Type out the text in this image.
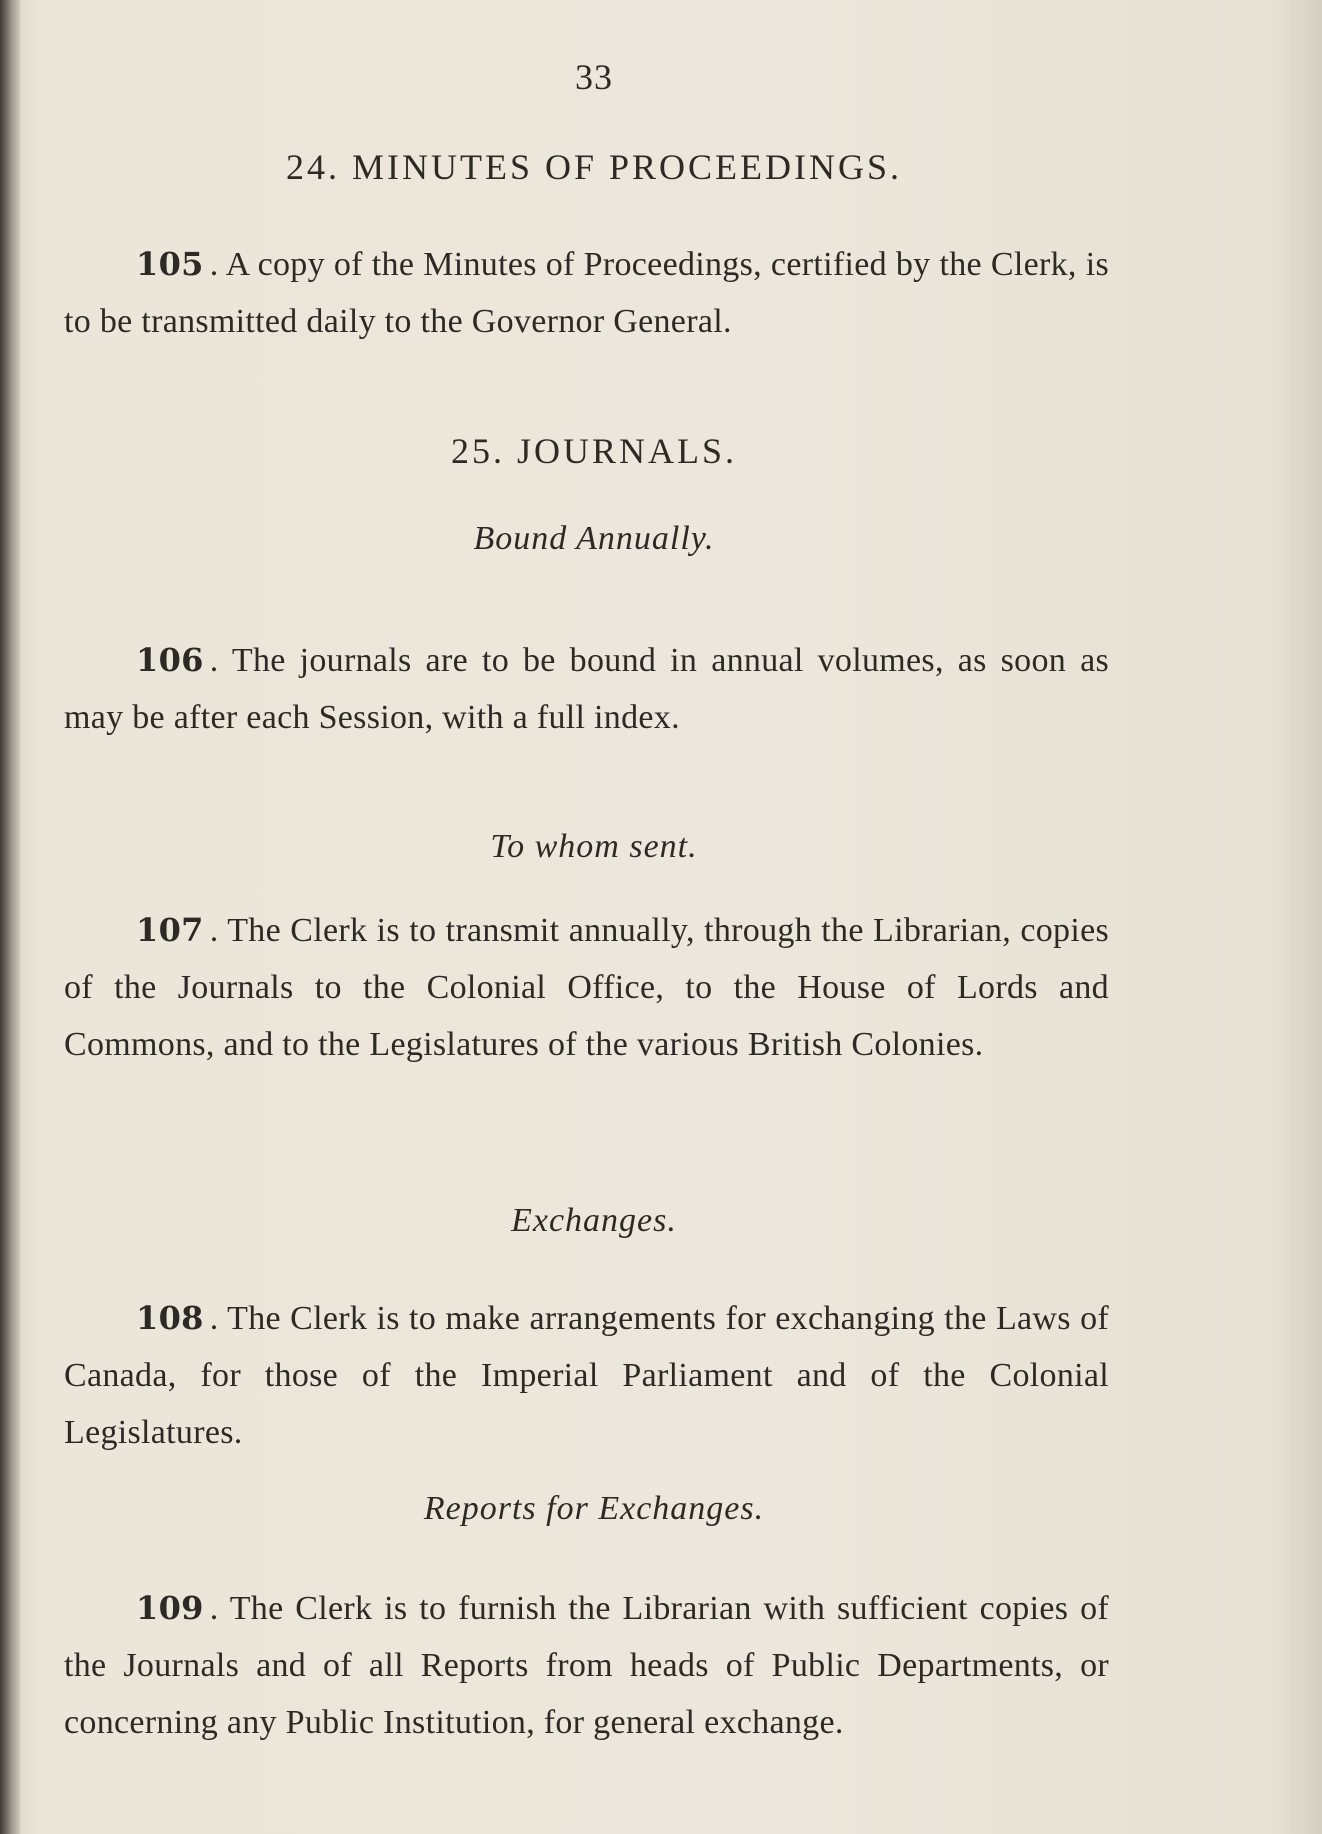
33
24. MINUTES OF PROCEEDINGS.
105 . A copy of the Minutes of Proceedings, certified by the Clerk, is to be transmitted daily to the Governor General.
25. JOURNALS.
Bound Annually.
106 . The journals are to be bound in annual volumes, as soon as may be after each Session, with a full index.
To whom sent.
107 . The Clerk is to transmit annually, through the Librarian, copies of the Journals to the Colonial Office, to the House of Lords and Commons, and to the Legislatures of the various British Colonies.
Exchanges.
108 . The Clerk is to make arrangements for exchanging the Laws of Canada, for those of the Imperial Parliament and of the Colonial Legislatures.
Reports for Exchanges.
109 . The Clerk is to furnish the Librarian with sufficient copies of the Journals and of all Reports from heads of Public Departments, or concerning any Public Institution, for general exchange.
